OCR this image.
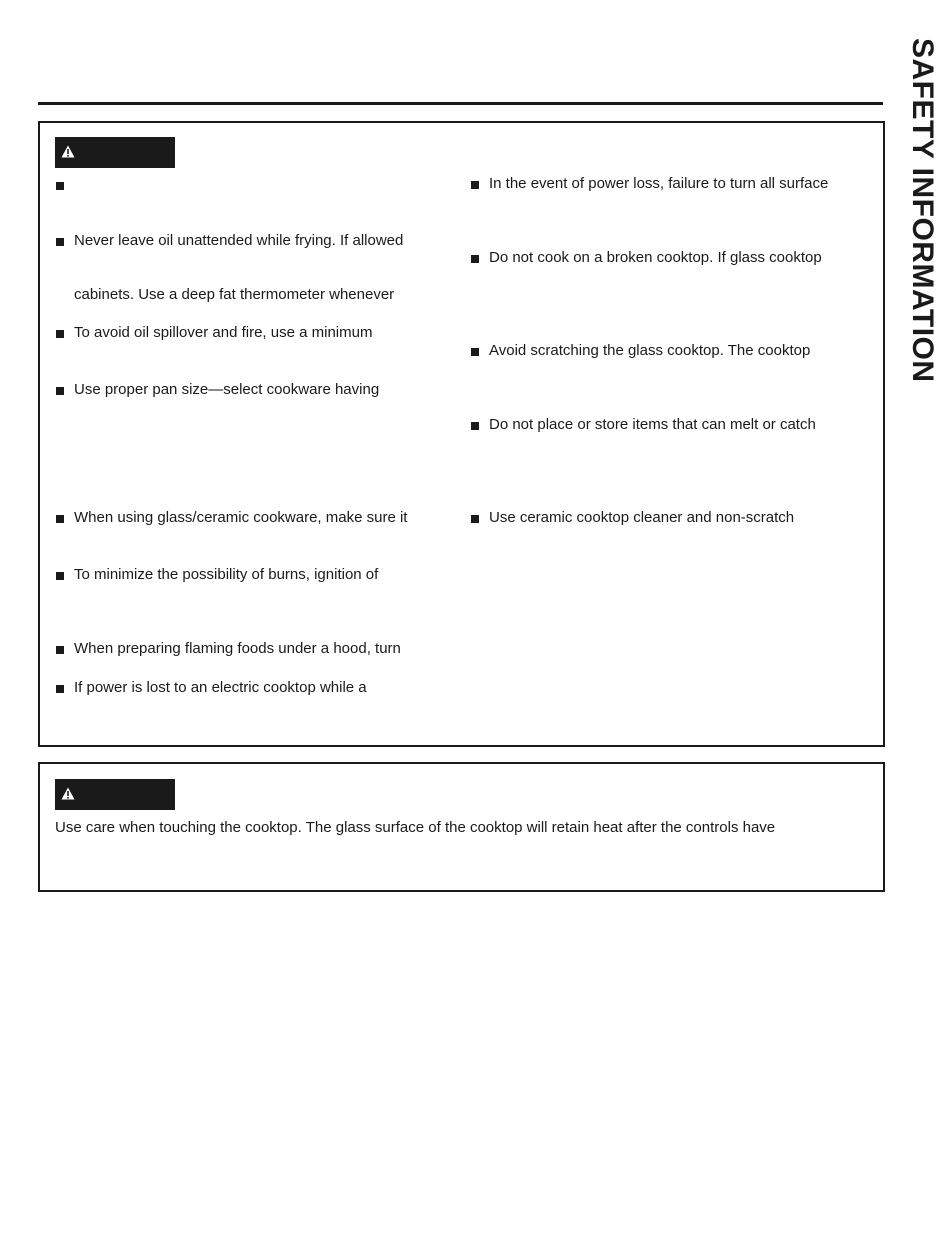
SAFETY INFORMATION
Never leave oil unattended while frying. If allowed
cabinets. Use a deep fat thermometer whenever
To avoid oil spillover and fire, use a minimum
Use proper pan size—select cookware having
When using glass/ceramic cookware, make sure it
To minimize the possibility of burns, ignition of
When preparing flaming foods under a hood, turn
If power is lost to an electric cooktop while a
In the event of power loss, failure to turn all surface
Do not cook on a broken cooktop. If glass cooktop
Avoid scratching the glass cooktop. The cooktop
Do not place or store items that can melt or catch
Use ceramic cooktop cleaner and non-scratch
Use care when touching the cooktop. The glass surface of the cooktop will retain heat after the controls have
